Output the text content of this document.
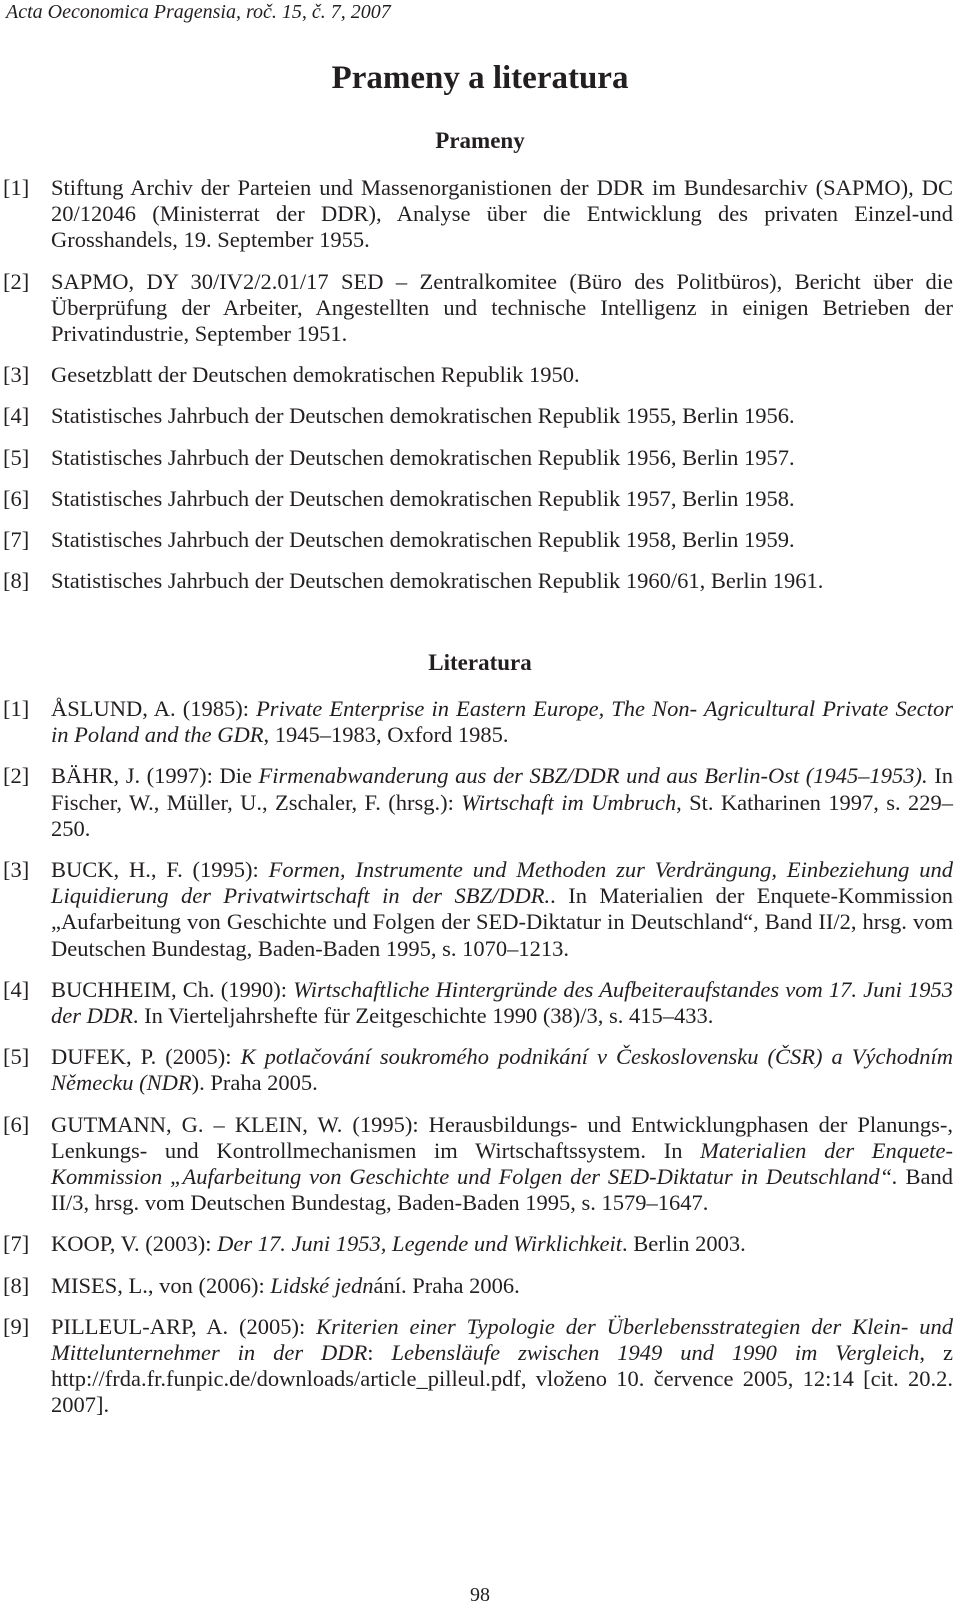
Acta Oeconomica Pragensia, roč. 15, č. 7, 2007
Prameny a literatura
Prameny
[1] Stiftung Archiv der Parteien und Massenorganistionen der DDR im Bundesarchiv (SAPMO), DC 20/12046 (Ministerrat der DDR), Analyse über die Entwicklung des privaten Einzel-und Grosshandels, 19. September 1955.
[2] SAPMO, DY 30/IV2/2.01/17 SED – Zentralkomitee (Büro des Politbüros), Bericht über die Überprüfung der Arbeiter, Angestellten und technische Intelligenz in einigen Betrieben der Privatindustrie, September 1951.
[3] Gesetzblatt der Deutschen demokratischen Republik 1950.
[4] Statistisches Jahrbuch der Deutschen demokratischen Republik 1955, Berlin 1956.
[5] Statistisches Jahrbuch der Deutschen demokratischen Republik 1956, Berlin 1957.
[6] Statistisches Jahrbuch der Deutschen demokratischen Republik 1957, Berlin 1958.
[7] Statistisches Jahrbuch der Deutschen demokratischen Republik 1958, Berlin 1959.
[8] Statistisches Jahrbuch der Deutschen demokratischen Republik 1960/61, Berlin 1961.
Literatura
[1] ÅSLUND, A. (1985): Private Enterprise in Eastern Europe, The Non- Agricultural Private Sector in Poland and the GDR, 1945–1983, Oxford 1985.
[2] BÄHR, J. (1997): Die Firmenabwanderung aus der SBZ/DDR und aus Berlin-Ost (1945–1953). In Fischer, W., Müller, U., Zschaler, F. (hrsg.): Wirtschaft im Umbruch, St. Katharinen 1997, s. 229–250.
[3] BUCK, H., F. (1995): Formen, Instrumente und Methoden zur Verdrängung, Einbeziehung und Liquidierung der Privatwirtschaft in der SBZ/DDR.. In Materialien der Enquete-Kommission „Aufarbeitung von Geschichte und Folgen der SED-Diktatur in Deutschland“, Band II/2, hrsg. vom Deutschen Bundestag, Baden-Baden 1995, s. 1070–1213.
[4] BUCHHEIM, Ch. (1990): Wirtschaftliche Hintergründe des Aufbeiteraufstandes vom 17. Juni 1953 der DDR. In Vierteljahrshefte für Zeitgeschichte 1990 (38)/3, s. 415–433.
[5] DUFEK, P. (2005): K potlačování soukromého podnikání v Československu (ČSR) a Východním Německu (NDR). Praha 2005.
[6] GUTMANN, G. – KLEIN, W. (1995): Herausbildungs- und Entwicklungphasen der Planungs-, Lenkungs- und Kontrollmechanismen im Wirtschaftssystem. In Materialien der Enquete-Kommission „Aufarbeitung von Geschichte und Folgen der SED-Diktatur in Deutschland“. Band II/3, hrsg. vom Deutschen Bundestag, Baden-Baden 1995, s. 1579–1647.
[7] KOOP, V. (2003): Der 17. Juni 1953, Legende und Wirklichkeit. Berlin 2003.
[8] MISES, L., von (2006): Lidské jednání. Praha 2006.
[9] PILLEUL-ARP, A. (2005): Kriterien einer Typologie der Überlebensstrategien der Klein- und Mittelunternehmer in der DDR: Lebensläufe zwischen 1949 und 1990 im Vergleich, z http://frda.fr.funpic.de/downloads/article_pilleul.pdf, vloženo 10. července 2005, 12:14 [cit. 20.2. 2007].
98
